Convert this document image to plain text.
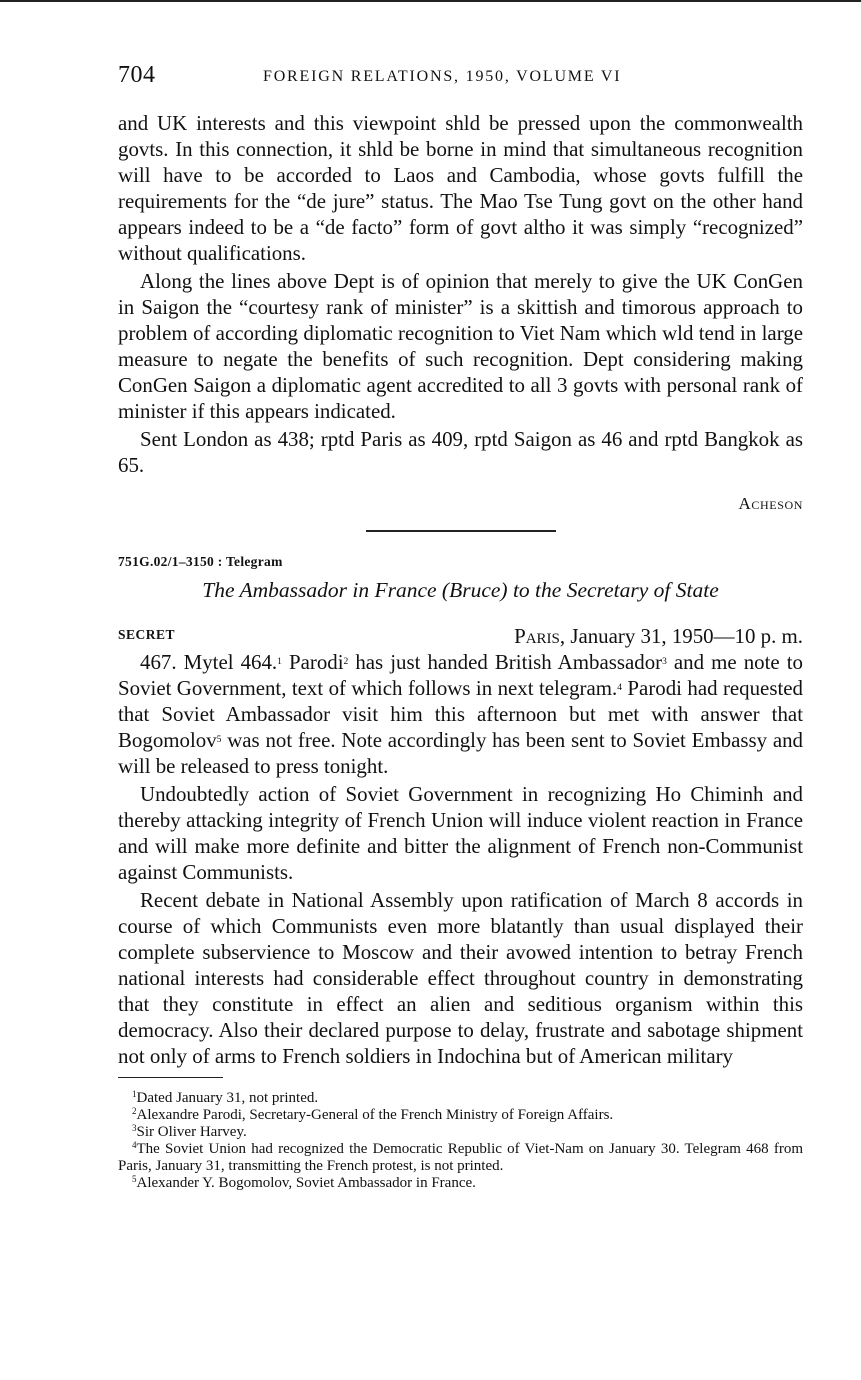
704	FOREIGN RELATIONS, 1950, VOLUME VI

and UK interests and this viewpoint shld be pressed upon the commonwealth govts. In this connection, it shld be borne in mind that simultaneous recognition will have to be accorded to Laos and Cambodia, whose govts fulfill the requirements for the “de jure” status. The Mao Tse Tung govt on the other hand appears indeed to be a “de facto” form of govt altho it was simply “recognized” without qualifications.

Along the lines above Dept is of opinion that merely to give the UK ConGen in Saigon the “courtesy rank of minister” is a skittish and timorous approach to problem of according diplomatic recognition to Viet Nam which wld tend in large measure to negate the benefits of such recognition. Dept considering making ConGen Saigon a diplomatic agent accredited to all 3 govts with personal rank of minister if this appears indicated.

Sent London as 438; rptd Paris as 409, rptd Saigon as 46 and rptd Bangkok as 65.

Acheson

751G.02/1–3150 : Telegram

The Ambassador in France (Bruce) to the Secretary of State

SECRET	Paris, January 31, 1950—10 p. m.

467. Mytel 464.$^1$ Parodi$^2$ has just handed British Ambassador$^3$ and me note to Soviet Government, text of which follows in next telegram.$^4$ Parodi had requested that Soviet Ambassador visit him this afternoon but met with answer that Bogomolov$^5$ was not free. Note accordingly has been sent to Soviet Embassy and will be released to press tonight.

Undoubtedly action of Soviet Government in recognizing Ho Chiminh and thereby attacking integrity of French Union will induce violent reaction in France and will make more definite and bitter the alignment of French non-Communist against Communists.

Recent debate in National Assembly upon ratification of March 8 accords in course of which Communists even more blatantly than usual displayed their complete subservience to Moscow and their avowed intention to betray French national interests had considerable effect throughout country in demonstrating that they constitute in effect an alien and seditious organism within this democracy. Also their declared purpose to delay, frustrate and sabotage shipment not only of arms to French soldiers in Indochina but of American military

$^1$Dated January 31, not printed.

$^2$Alexandre Parodi, Secretary-General of the French Ministry of Foreign Affairs.

$^3$Sir Oliver Harvey.

$^4$The Soviet Union had recognized the Democratic Republic of Viet-Nam on January 30. Telegram 468 from Paris, January 31, transmitting the French protest, is not printed.

$^5$Alexander Y. Bogomolov, Soviet Ambassador in France.
